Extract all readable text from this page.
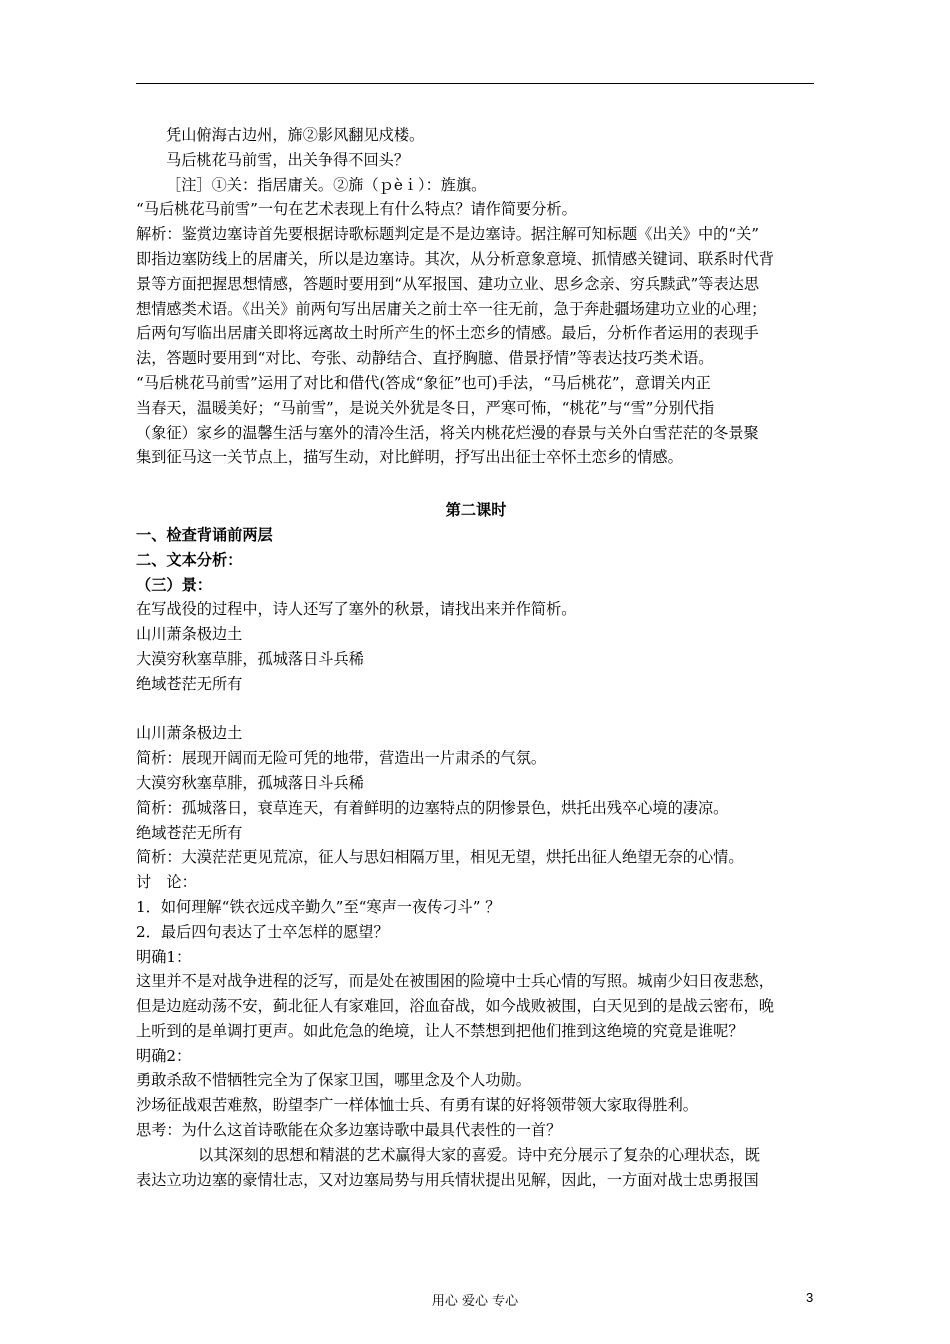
凭山俯海古边州，旆②影风翻见戍楼。

马后桃花马前雪，出关争得不回头？

［注］①关：指居庸关。②旆（ｐèｉ）：旌旗。

“马后桃花马前雪”一句在艺术表现上有什么特点？请作简要分析。

解析：鉴赏边塞诗首先要根据诗歌标题判定是不是边塞诗。据注解可知标题《出关》中的“关”

即指边塞防线上的居庸关，所以是边塞诗。其次，从分析意象意境、抓情感关键词、联系时代背

景等方面把握思想情感，答题时要用到“从军报国、建功立业、思乡念亲、穷兵黩武”等表达思

想情感类术语。《出关》前两句写出居庸关之前士卒一往无前，急于奔赴疆场建功立业的心理；

后两句写临出居庸关即将远离故土时所产生的怀土恋乡的情感。最后，分析作者运用的表现手

法，答题时要用到“对比、夸张、动静结合、直抒胸臆、借景抒情”等表达技巧类术语。

“马后桃花马前雪”运用了对比和借代(答成“象征”也可)手法，“马后桃花”，意谓关内正

当春天，温暖美好；“马前雪”，是说关外犹是冬日，严寒可怖，“桃花”与“雪”分别代指

（象征）家乡的温馨生活与塞外的清冷生活，将关内桃花烂漫的春景与关外白雪茫茫的冬景聚

集到征马这一关节点上，描写生动，对比鲜明，抒写出出征士卒怀土恋乡的情感。

第二课时

一、检查背诵前两层

二、文本分析：

（三）景：

在写战役的过程中，诗人还写了塞外的秋景，请找出来并作简析。

山川萧条极边土

大漠穷秋塞草腓，孤城落日斗兵稀

绝域苍茫无所有

山川萧条极边土

简析：展现开阔而无险可凭的地带，营造出一片肃杀的气氛。

大漠穷秋塞草腓，孤城落日斗兵稀

简析：孤城落日，衰草连天，有着鲜明的边塞特点的阴惨景色，烘托出残卒心境的凄凉。

绝域苍茫无所有

简析：大漠茫茫更见荒凉，征人与思妇相隔万里，相见无望，烘托出征人绝望无奈的心情。

讨　论：

1．如何理解“铁衣远戍辛勤久”至“寒声一夜传刁斗” ？

2．最后四句表达了士卒怎样的愿望？

明确1：

这里并不是对战争进程的泛写，而是处在被围困的险境中士兵心情的写照。城南少妇日夜悲愁，

但是边庭动荡不安，蓟北征人有家难回，浴血奋战，如今战败被围，白天见到的是战云密布，晚

上听到的是单调打更声。如此危急的绝境，让人不禁想到把他们推到这绝境的究竟是谁呢？

明确2：

勇敢杀敌不惜牺牲完全为了保家卫国，哪里念及个人功勋。

沙场征战艰苦难熬，盼望李广一样体恤士兵、有勇有谋的好将领带领大家取得胜利。

思考：为什么这首诗歌能在众多边塞诗歌中最具代表性的一首？

以其深刻的思想和精湛的艺术赢得大家的喜爱。诗中充分展示了复杂的心理状态，既

表达立功边塞的豪情壮志，又对边塞局势与用兵情状提出见解，因此，一方面对战士忠勇报国

用心 爱心 专心	3
